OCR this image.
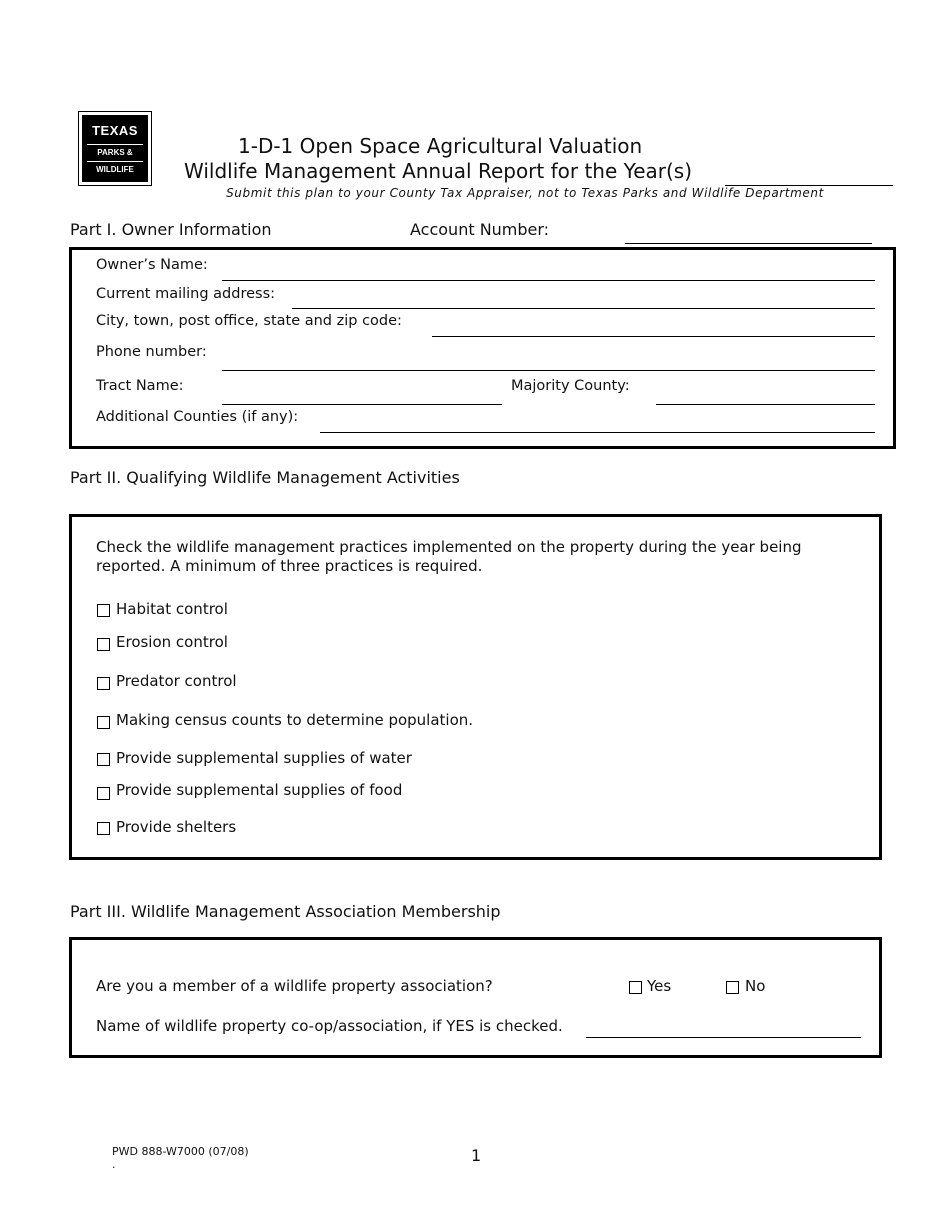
TEXAS
PARKS &
WILDLIFE
1-D-1 Open Space Agricultural Valuation
Wildlife Management Annual Report for the Year(s)
Submit this plan to your County Tax Appraiser, not to Texas Parks and Wildlife Department
Part I. Owner Information	Account Number:
Owner’s Name:
Current mailing address:
City, town, post office, state and zip code:
Phone number:
Tract Name:	Majority County:
Additional Counties (if any):
Part II. Qualifying Wildlife Management Activities
Check the wildlife management practices implemented on the property during the year being reported. A minimum of three practices is required.
Habitat control
Erosion control
Predator control
Making census counts to determine population.
Provide supplemental supplies of water
Provide supplemental supplies of food
Provide shelters
Part III. Wildlife Management Association Membership
Are you a member of a wildlife property association?	Yes	No
Name of wildlife property co-op/association, if YES is checked.
PWD 888-W7000 (07/08)
.	1
